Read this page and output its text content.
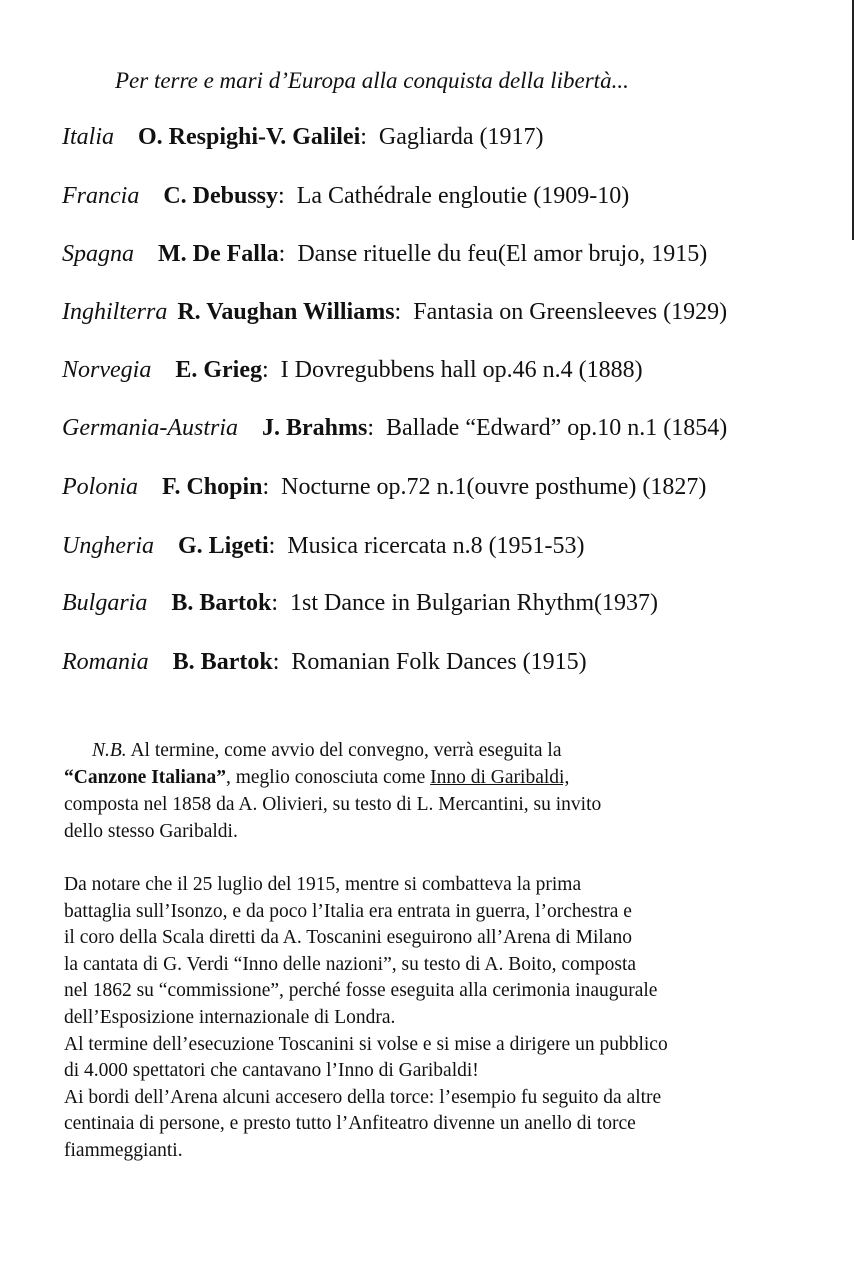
Per terre e mari d’Europa alla conquista della libertà...
Italia O. Respighi-V. Galilei:  Gagliarda (1917)
Francia C. Debussy:  La Cathédrale engloutie (1909-10)
Spagna M. De Falla:  Danse rituelle du feu(El amor brujo, 1915)
Inghilterra R. Vaughan Williams:  Fantasia on Greensleeves (1929)
Norvegia E. Grieg:  I Dovregubbens hall op.46 n.4 (1888)
Germania-Austria J. Brahms:  Ballade “Edward” op.10 n.1 (1854)
Polonia F. Chopin:  Nocturne op.72 n.1(ouvre posthume) (1827)
Ungheria G. Ligeti:  Musica ricercata n.8 (1951-53)
Bulgaria B. Bartok:  1st Dance in Bulgarian Rhythm(1937)
Romania B. Bartok:  Romanian Folk Dances (1915)
N.B. Al termine, come avvio del convegno, verrà eseguita la
“Canzone Italiana”, meglio conosciuta come Inno di Garibaldi,
composta nel 1858 da A. Olivieri, su testo di L. Mercantini, su invito
dello stesso Garibaldi.
Da notare che il 25 luglio del 1915, mentre si combatteva la prima
battaglia sull’Isonzo, e da poco l’Italia era entrata in guerra, l’orchestra e
il coro della Scala diretti da A. Toscanini eseguirono all’Arena di Milano
la cantata di G. Verdi “Inno delle nazioni”, su testo di A. Boito, composta
nel 1862 su “commissione”, perché fosse eseguita alla cerimonia inaugurale
dell’Esposizione internazionale di Londra.
Al termine dell’esecuzione Toscanini si volse e si mise a dirigere un pubblico
di 4.000 spettatori che cantavano l’Inno di Garibaldi!
Ai bordi dell’Arena alcuni accesero della torce: l’esempio fu seguito da altre
centinaia di persone, e presto tutto l’Anfiteatro divenne un anello di torce
fiammeggianti.
